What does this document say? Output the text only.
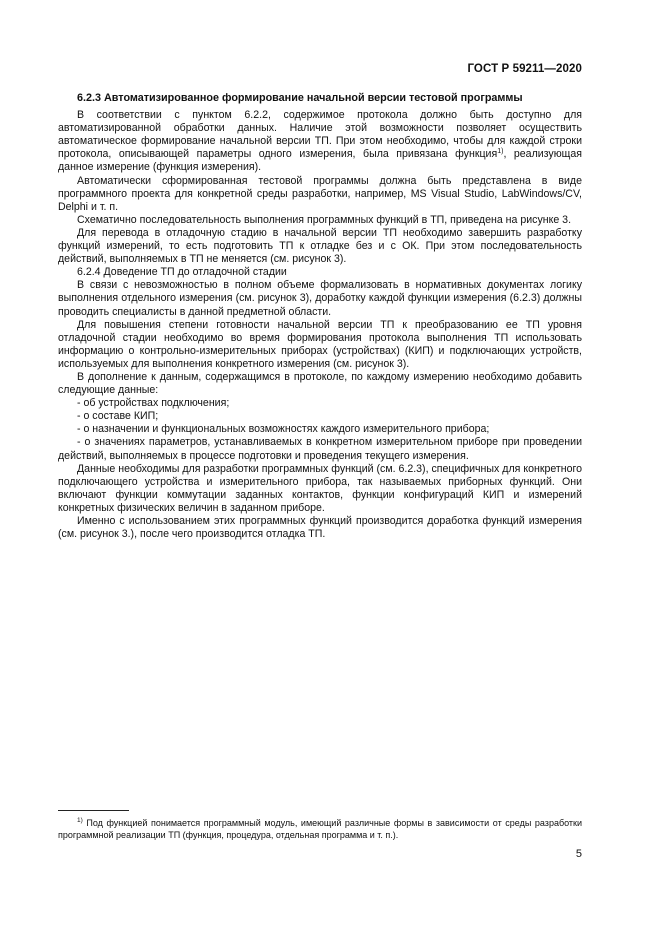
ГОСТ Р 59211—2020
6.2.3 Автоматизированное формирование начальной версии тестовой программы

В соответствии с пунктом 6.2.2, содержимое протокола должно быть доступно для автоматизированной обработки данных. Наличие этой возможности позволяет осуществить автоматическое формирование начальной версии ТП. При этом необходимо, чтобы для каждой строки протокола, описывающей параметры одного измерения, была привязана функция$^{1)}$, реализующая данное измерение (функция измерения).

Автоматически сформированная тестовой программы должна быть представлена в виде программного проекта для конкретной среды разработки, например, MS Visual Studio, LabWindows/CV, Delphi и т. п.

Схематично последовательность выполнения программных функций в ТП, приведена на рисунке 3.

Для перевода в отладочную стадию в начальной версии ТП необходимо завершить разработку функций измерений, то есть подготовить ТП к отладке без и с ОК. При этом последовательность действий, выполняемых в ТП не меняется (см. рисунок 3).

6.2.4 Доведение ТП до отладочной стадии

В связи с невозможностью в полном объеме формализовать в нормативных документах логику выполнения отдельного измерения (см. рисунок 3), доработку каждой функции измерения (6.2.3) должны проводить специалисты в данной предметной области.

Для повышения степени готовности начальной версии ТП к преобразованию ее ТП уровня отладочной стадии необходимо во время формирования протокола выполнения ТП использовать информацию о контрольно-измерительных приборах (устройствах) (КИП) и подключающих устройств, используемых для выполнения конкретного измерения (см. рисунок 3).

В дополнение к данным, содержащимся в протоколе, по каждому измерению необходимо добавить следующие данные:

- об устройствах подключения;
- о составе КИП;
- о назначении и функциональных возможностях каждого измерительного прибора;
- о значениях параметров, устанавливаемых в конкретном измерительном приборе при проведении действий, выполняемых в процессе подготовки и проведения текущего измерения.

Данные необходимы для разработки программных функций (см. 6.2.3), специфичных для конкретного подключающего устройства и измерительного прибора, так называемых приборных функций. Они включают функции коммутации заданных контактов, функции конфигураций КИП и измерений конкретных физических величин в заданном приборе.

Именно с использованием этих программных функций производится доработка функций измерения (см. рисунок 3.), после чего производится отладка ТП.

$^{1)}$ Под функцией понимается программный модуль, имеющий различные формы в зависимости от среды разработки программной реализации ТП (функция, процедура, отдельная программа и т. п.).
5
